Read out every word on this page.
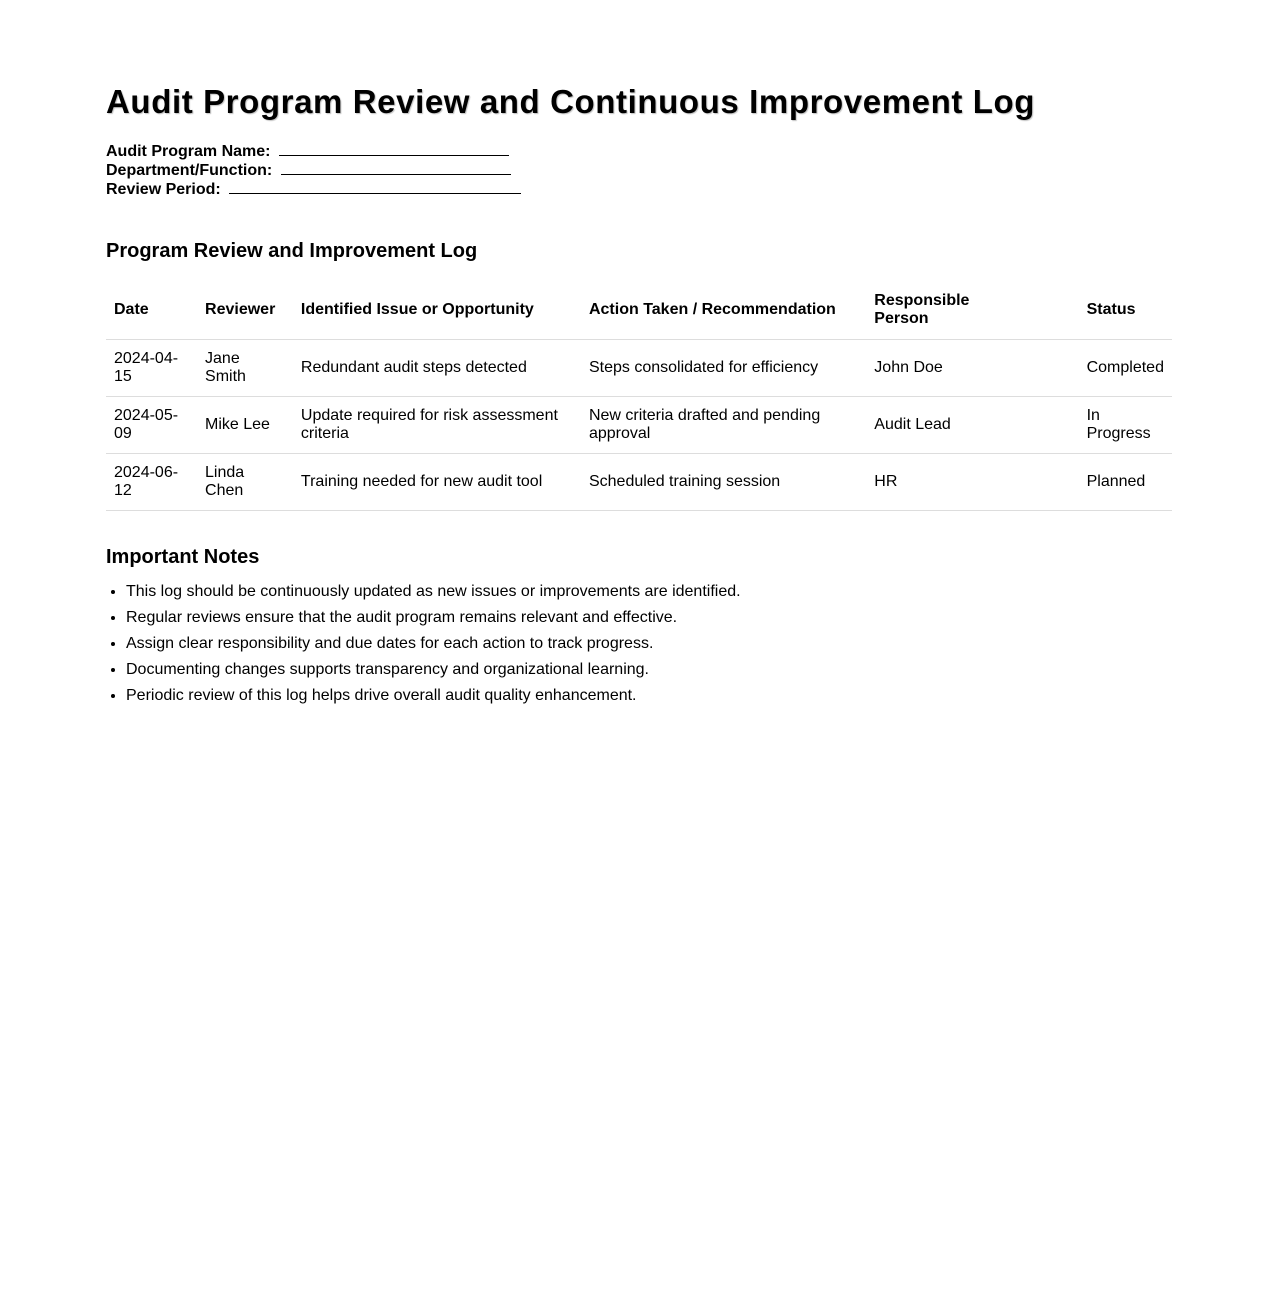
Audit Program Review and Continuous Improvement Log
Audit Program Name:
Department/Function:
Review Period:
Program Review and Improvement Log
Date	Reviewer	Identified Issue or Opportunity	Action Taken / Recommendation	Responsible Person	Status
2024-04-15	Jane Smith	Redundant audit steps detected	Steps consolidated for efficiency	John Doe	Completed
2024-05-09	Mike Lee	Update required for risk assessment criteria	New criteria drafted and pending approval	Audit Lead	In Progress
2024-06-12	Linda Chen	Training needed for new audit tool	Scheduled training session	HR	Planned
Important Notes
• This log should be continuously updated as new issues or improvements are identified.
• Regular reviews ensure that the audit program remains relevant and effective.
• Assign clear responsibility and due dates for each action to track progress.
• Documenting changes supports transparency and organizational learning.
• Periodic review of this log helps drive overall audit quality enhancement.
